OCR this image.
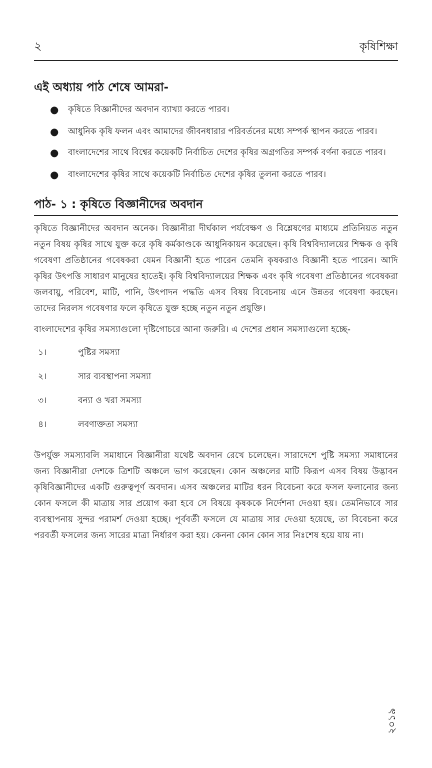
২	কৃষিশিক্ষা
এই অধ্যায় পাঠ শেষে আমরা-
● কৃষিতে বিজ্ঞানীদের অবদান ব্যাখ্যা করতে পারব।
● আধুনিক কৃষি ফলন এবং আমাদের জীবনধারার পরিবর্তনের মধ্যে সম্পর্ক স্থাপন করতে পারব।
● বাংলাদেশের সাথে বিশ্বের কয়েকটি নির্বাচিত দেশের কৃষির অগ্রগতির সম্পর্ক বর্ণনা করতে পারব।
● বাংলাদেশের কৃষির সাথে কয়েকটি নির্বাচিত দেশের কৃষির তুলনা করতে পারব।
পাঠ- ১ : কৃষিতে বিজ্ঞানীদের অবদান

কৃষিতে বিজ্ঞানীদের অবদান অনেক। বিজ্ঞানীরা দীর্ঘকাল পর্যবেক্ষণ ও বিশ্লেষণের মাধ্যমে প্রতিনিয়ত নতুন নতুন বিষয় কৃষির সাথে যুক্ত করে কৃষি কর্মকাণ্ডকে আধুনিকায়ন করেছেন। কৃষি বিশ্ববিদ্যালয়ের শিক্ষক ও কৃষি গবেষণা প্রতিষ্ঠানের গবেষকরা যেমন বিজ্ঞানী হতে পারেন তেমনি কৃষকরাও বিজ্ঞানী হতে পারেন। আদি কৃষির উৎপত্তি সাধারণ মানুষের হাতেই। কৃষি বিশ্ববিদ্যালয়ের শিক্ষক এবং কৃষি গবেষণা প্রতিষ্ঠানের গবেষকরা জলবায়ু, পরিবেশ, মাটি, পানি, উৎপাদন পদ্ধতি এসব বিষয় বিবেচনায় এনে উন্নতর গবেষণা করছেন। তাদের নিরলস গবেষণার ফলে কৃষিতে যুক্ত হচ্ছে নতুন নতুন প্রযুক্তি।

বাংলাদেশের কৃষির সমস্যাগুলো দৃষ্টিগোচরে আনা জরুরি। এ দেশের প্রধান সমস্যাগুলো হচ্ছে-

১।	পুষ্টির সমস্যা
২।	সার ব্যবস্থাপনা সমস্যা
৩।	বন্যা ও খরা সমস্যা
৪।	লবণাক্ততা সমস্যা

উপর্যুক্ত সমস্যাবলি সমাধানে বিজ্ঞানীরা যথেষ্ট অবদান রেখে চলেছেন। সারাদেশে পুষ্টি সমস্যা সমাধানের জন্য বিজ্ঞানীরা দেশকে ত্রিশটি অঞ্চলে ভাগ করেছেন। কোন অঞ্চলের মাটি কিরূপ এসব বিষয় উদ্ভাবন কৃষিবিজ্ঞানীদের একটি গুরুত্বপূর্ণ অবদান। এসব অঞ্চলের মাটির ধরন বিবেচনা করে ফসল ফলানোর জন্য কোন ফসলে কী মাত্রায় সার প্রয়োগ করা হবে সে বিষয়ে কৃষককে নির্দেশনা দেওয়া হয়। তেমনিভাবে সার ব্যবস্থাপনায় সুন্দর পরামর্শ দেওয়া হচ্ছে। পূর্ববর্তী ফসলে যে মাত্রায় সার দেওয়া হয়েছে, তা বিবেচনা করে পরবর্তী ফসলের জন্য সারের মাত্রা নির্ধারণ করা হয়। কেননা কোন কোন সার নিঃশেষ হয়ে যায় না।

২০১৯
